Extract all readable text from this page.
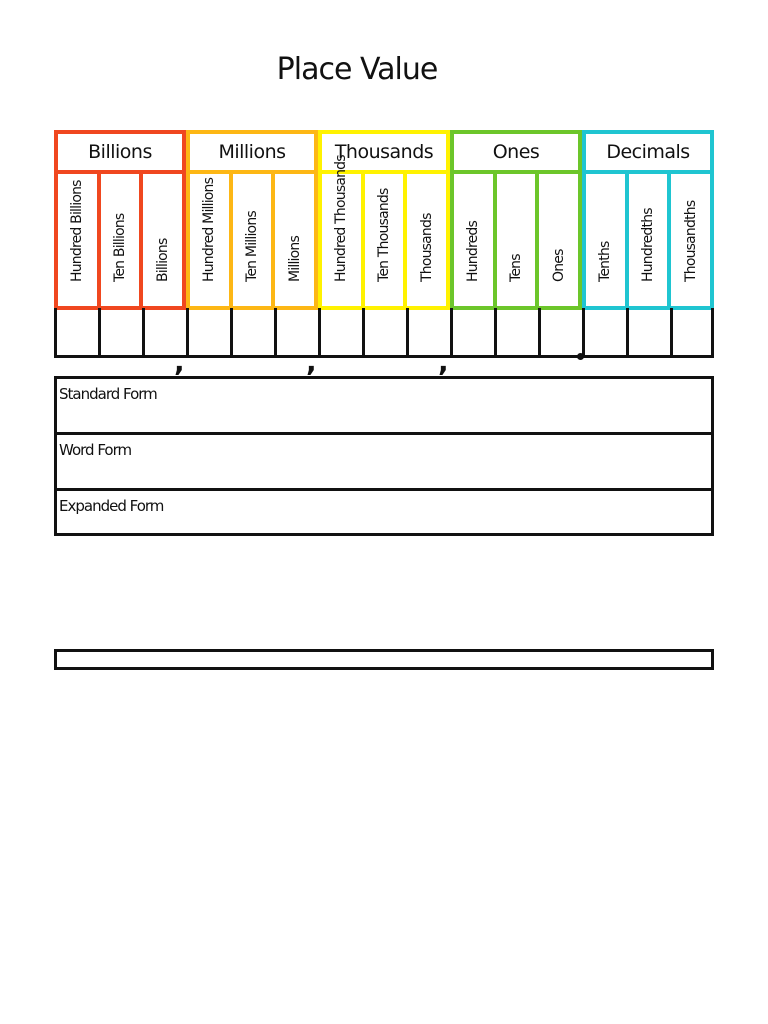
Place Value
Billions
Hundred Billions Ten Billions Billions
Millions
Hundred Millions Ten Millions Millions
Thousands
Hundred Thousands Ten Thousands Thousands
Ones
Hundreds Tens Ones
Decimals
Tenths Hundredths Thousandths
Standard Form
Word Form
Expanded Form
,	,	,
